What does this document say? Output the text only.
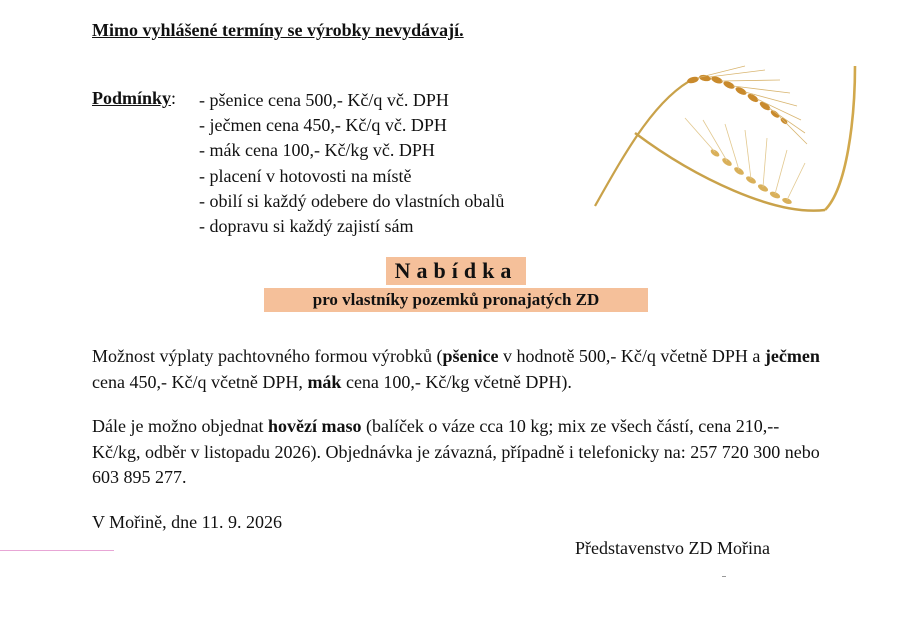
Mimo vyhlášené termíny se výrobky nevydávají.
Podmínky: - pšenice cena 500,- Kč/q vč. DPH
- ječmen cena 450,- Kč/q vč. DPH
- mák cena 100,- Kč/kg vč. DPH
- placení v hotovosti na místě
- obilí si každý odebere do vlastních obalů
- dopravu si každý zajistí sám
Nabídka
pro vlastníky pozemků pronajatých ZD

Možnost výplaty pachtovného formou výrobků (pšenice v hodnotě 500,- Kč/q včetně DPH a ječmen cena 450,- Kč/q včetně DPH, mák cena 100,- Kč/kg včetně DPH).

Dále je možno objednat hovězí maso (balíček o váze cca 10 kg; mix ze všech částí, cena 210,-- Kč/kg, odběr v listopadu 2026). Objednávka je závazná, případně i telefonicky na: 257 720 300 nebo 603 895 277.

V Mořině, dne 11. 9. 2026
Představenstvo ZD Mořina
